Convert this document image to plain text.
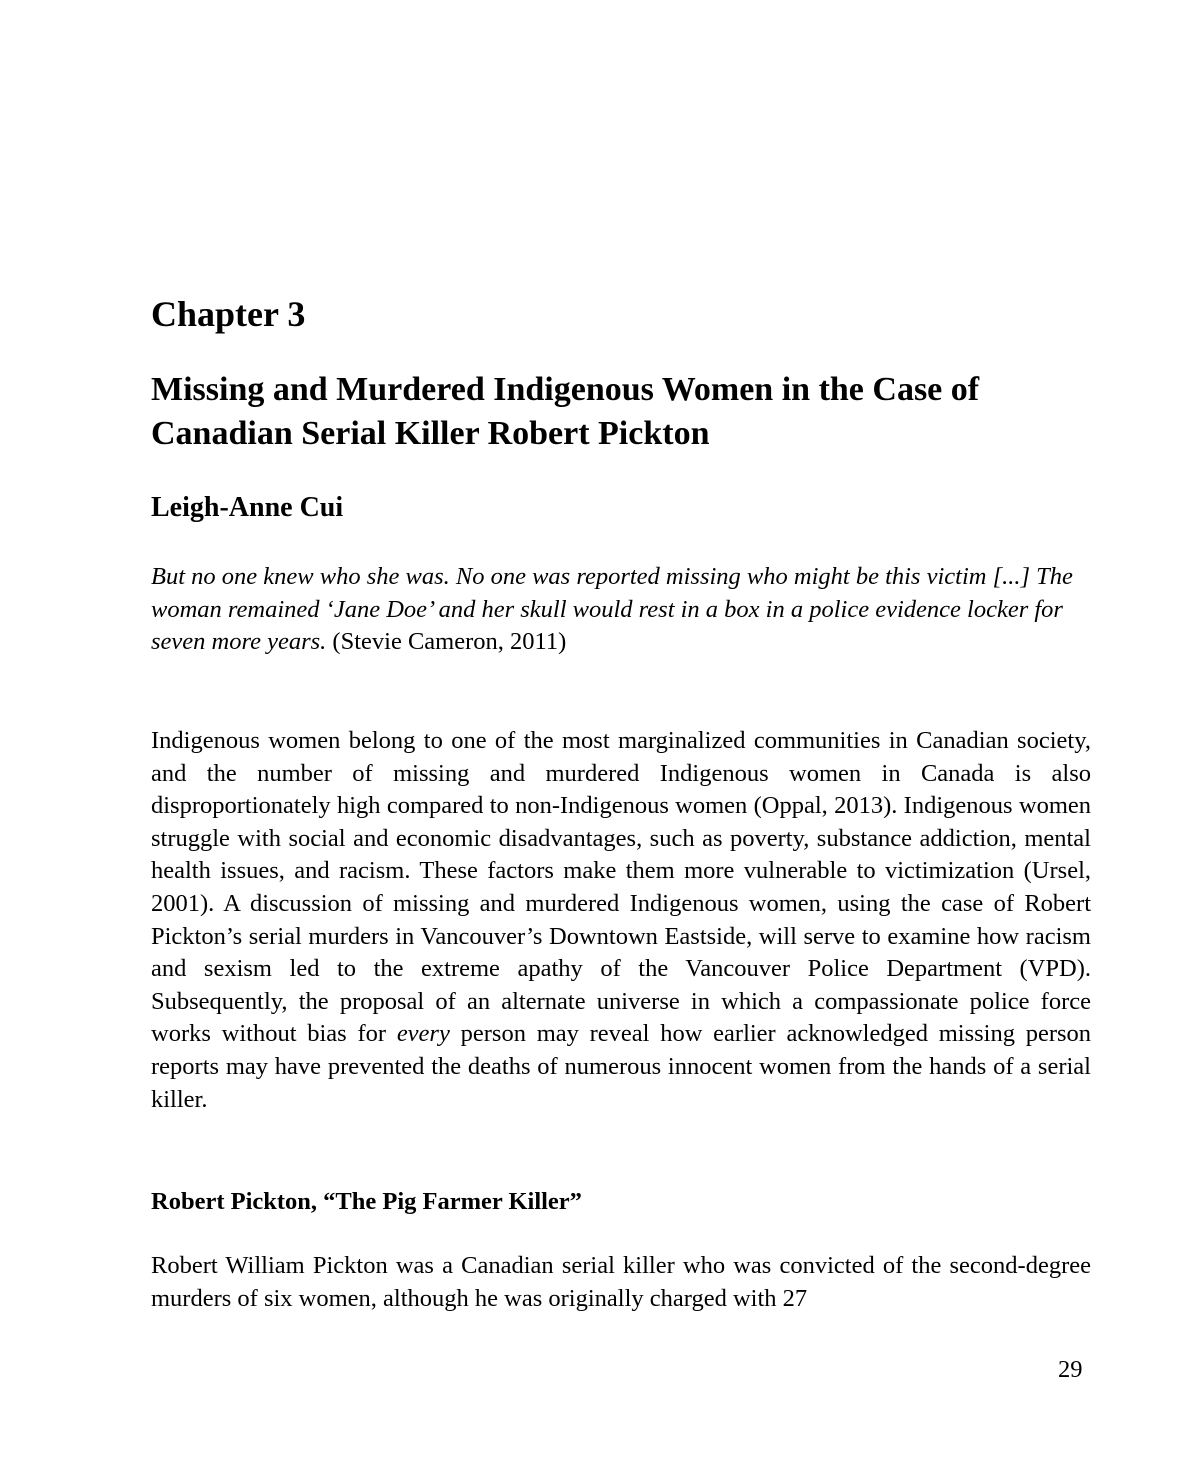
Chapter 3
Missing and Murdered Indigenous Women in the Case of Canadian Serial Killer Robert Pickton
Leigh-Anne Cui

But no one knew who she was. No one was reported missing who might be this victim [...] The woman remained ‘Jane Doe’ and her skull would rest in a box in a police evidence locker for seven more years. (Stevie Cameron, 2011)

Indigenous women belong to one of the most marginalized communities in Canadian society, and the number of missing and murdered Indigenous women in Canada is also disproportionately high compared to non-Indigenous women (Oppal, 2013). Indigenous women struggle with social and economic disadvantages, such as poverty, substance addiction, mental health issues, and racism. These factors make them more vulnerable to victimization (Ursel, 2001). A discussion of missing and murdered Indigenous women, using the case of Robert Pickton’s serial murders in Vancouver’s Downtown Eastside, will serve to examine how racism and sexism led to the extreme apathy of the Vancouver Police Department (VPD). Subsequently, the proposal of an alternate universe in which a compassionate police force works without bias for every person may reveal how earlier acknowledged missing person reports may have prevented the deaths of numerous innocent women from the hands of a serial killer.

Robert Pickton, “The Pig Farmer Killer”

Robert William Pickton was a Canadian serial killer who was convicted of the second-degree murders of six women, although he was originally charged with 27

29
